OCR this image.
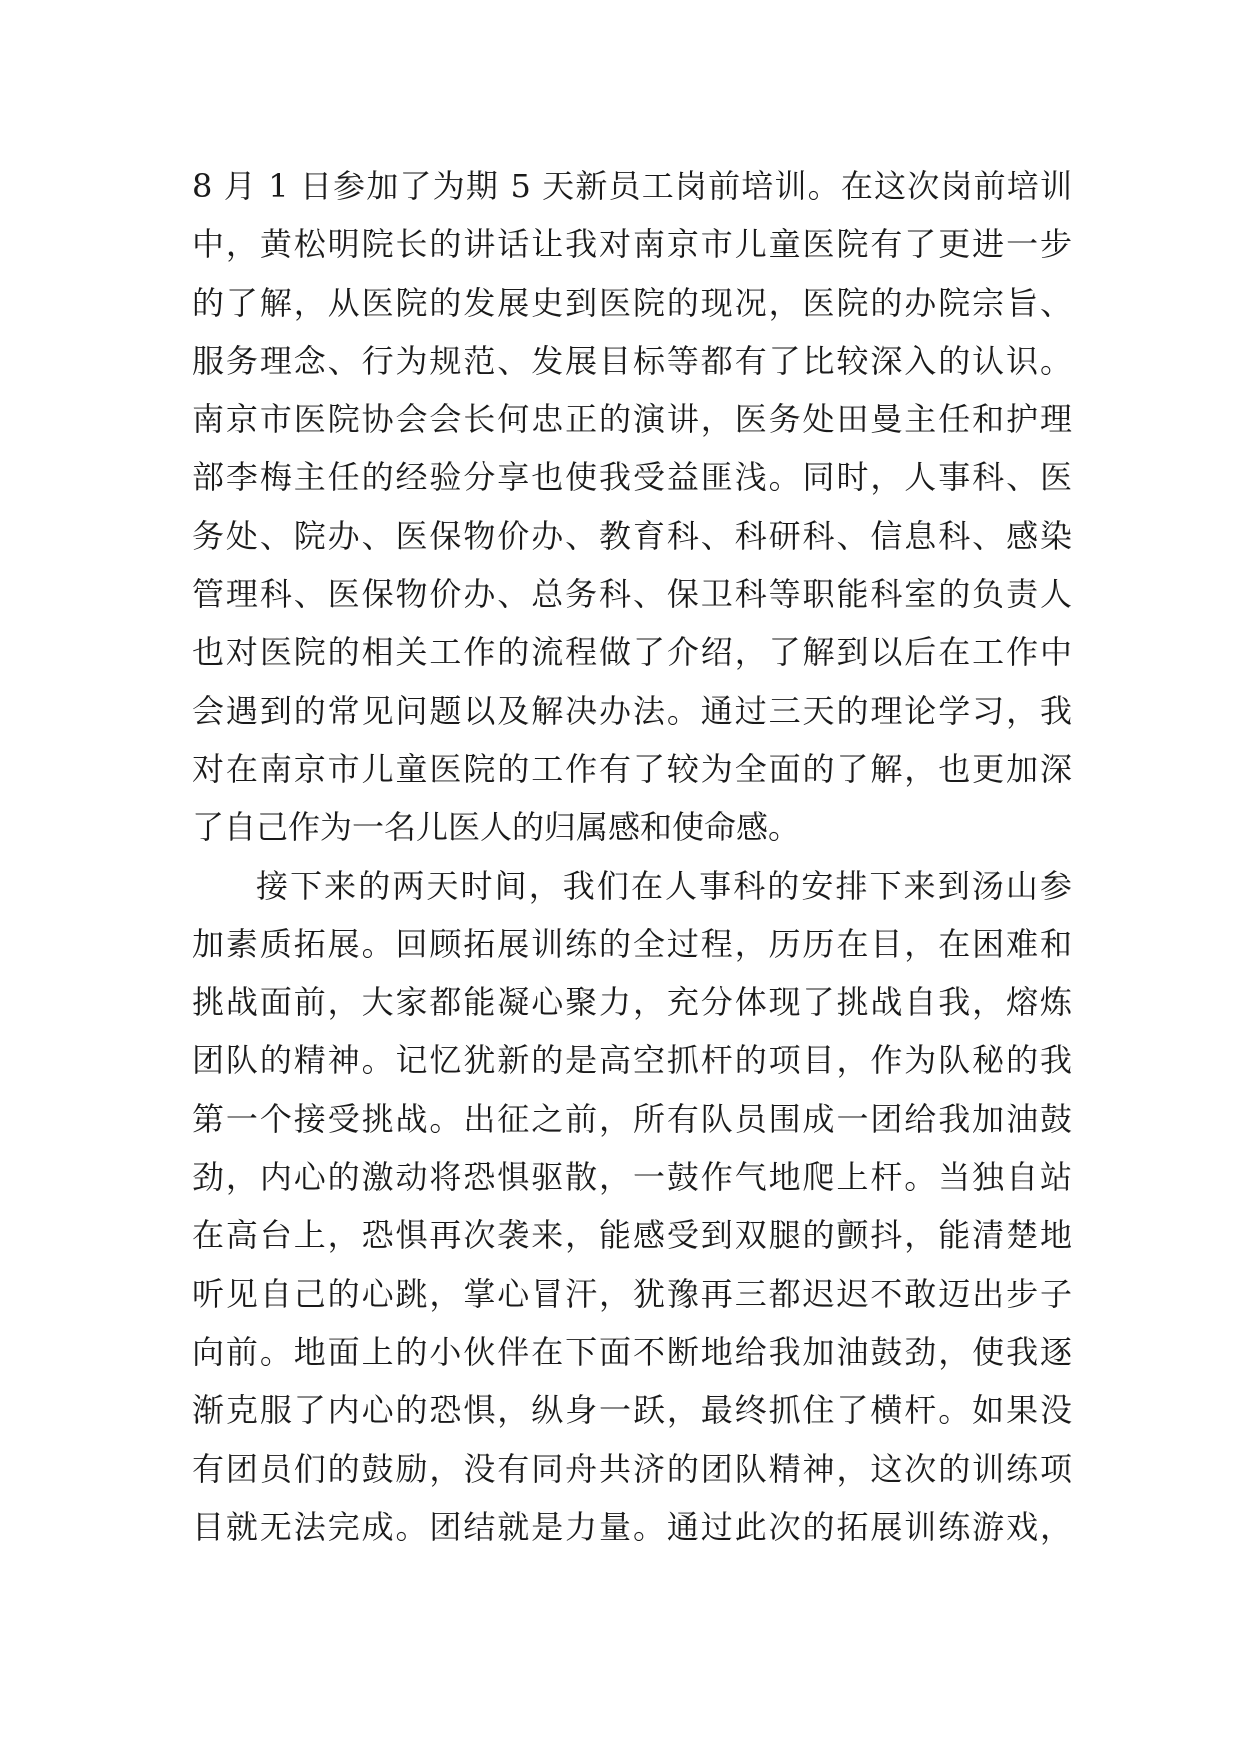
8 月 1 日参加了为期 5 天新员工岗前培训。在这次岗前培训
中，黄松明院长的讲话让我对南京市儿童医院有了更进一步
的了解，从医院的发展史到医院的现况，医院的办院宗旨、
服务理念、行为规范、发展目标等都有了比较深入的认识。
南京市医院协会会长何忠正的演讲，医务处田曼主任和护理
部李梅主任的经验分享也使我受益匪浅。同时，人事科、医
务处、院办、医保物价办、教育科、科研科、信息科、感染
管理科、医保物价办、总务科、保卫科等职能科室的负责人
也对医院的相关工作的流程做了介绍，了解到以后在工作中
会遇到的常见问题以及解决办法。通过三天的理论学习，我
对在南京市儿童医院的工作有了较为全面的了解，也更加深
了自己作为一名儿医人的归属感和使命感。
接下来的两天时间，我们在人事科的安排下来到汤山参
加素质拓展。回顾拓展训练的全过程，历历在目，在困难和
挑战面前，大家都能凝心聚力，充分体现了挑战自我，熔炼
团队的精神。记忆犹新的是高空抓杆的项目，作为队秘的我
第一个接受挑战。出征之前，所有队员围成一团给我加油鼓
劲，内心的激动将恐惧驱散，一鼓作气地爬上杆。当独自站
在高台上，恐惧再次袭来，能感受到双腿的颤抖，能清楚地
听见自己的心跳，掌心冒汗，犹豫再三都迟迟不敢迈出步子
向前。地面上的小伙伴在下面不断地给我加油鼓劲，使我逐
渐克服了内心的恐惧，纵身一跃，最终抓住了横杆。如果没
有团员们的鼓励，没有同舟共济的团队精神，这次的训练项
目就无法完成。团结就是力量。通过此次的拓展训练游戏，
